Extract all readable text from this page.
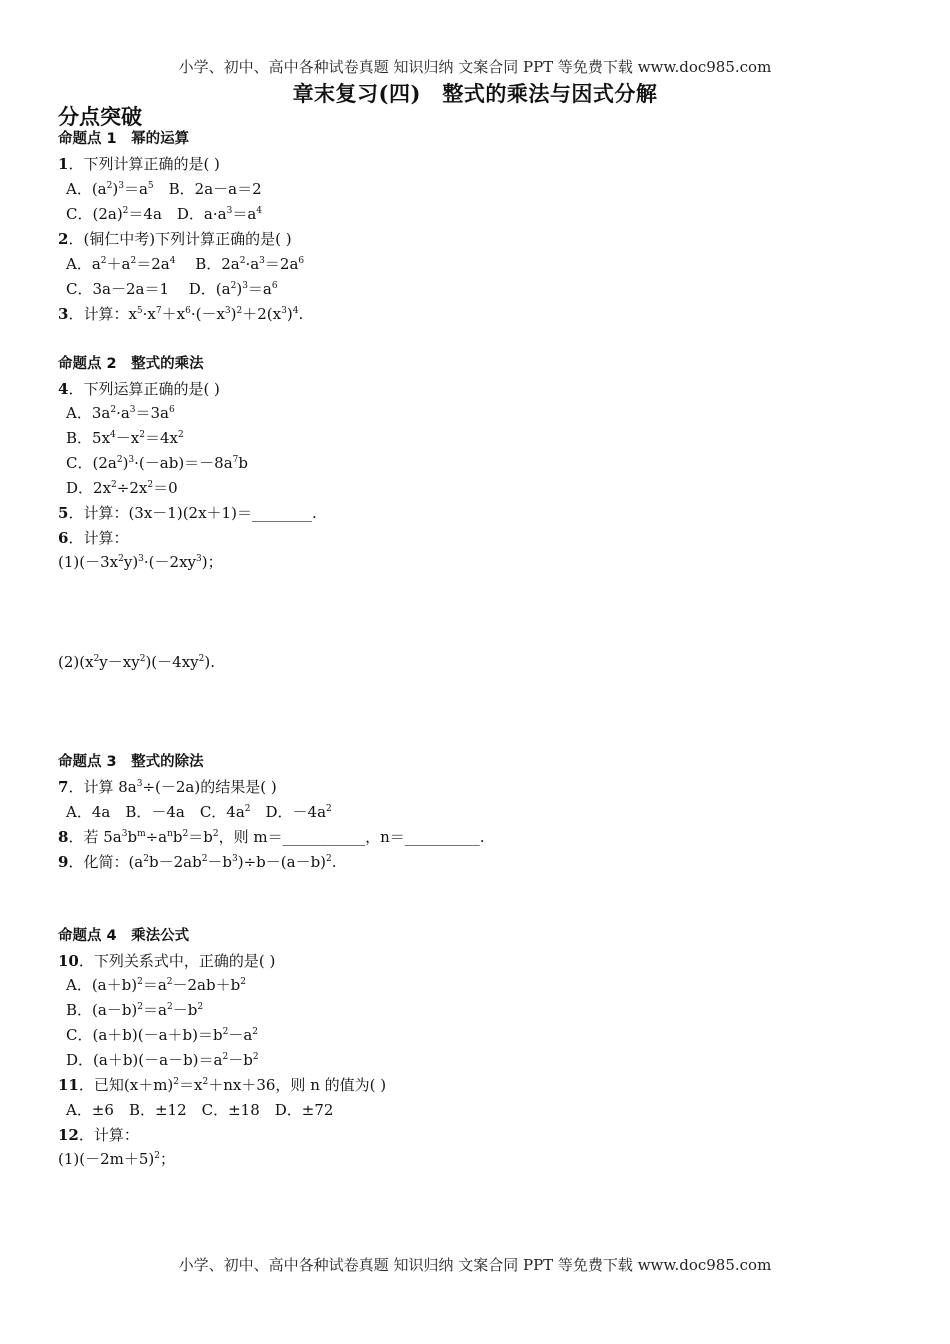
小学、初中、高中各种试卷真题 知识归纳 文案合同 PPT 等免费下载 www.doc985.com
章末复习(四)　整式的乘法与因式分解
分点突破
命题点 1　幂的运算
1．下列计算正确的是( )
A．$(a^2)^3=a^5$　B．2a－a＝2
C．$(2a)^2=4a$　D．$a\cdot a^3=a^4$
2．(铜仁中考)下列计算正确的是( )
A．$a^2+a^2=2a^4$　 B．$2a^2\cdot a^3=2a^6$
C．3a－2a＝1　 D．$(a^2)^3=a^6$
3．计算：$x^5\cdot x^7+x^6\cdot(-x^3)^2+2(x^3)^4$.
命题点 2　整式的乘法
4．下列运算正确的是( )
A．$3a^2\cdot a^3=3a^6$
B．$5x^4-x^2=4x^2$
C．$(2a^2)^3\cdot(-ab)=-8a^7b$
D．$2x^2\div 2x^2=0$
5．计算：(3x－1)(2x＋1)＝________.
6．计算：
$(1)(-3x^2y)^3\cdot(-2xy^3)$；
$(2)(x^2y-xy^2)(-4xy^2)$.
命题点 3　整式的除法
7．计算 $8a^3\div(-2a)$的结果是( )
A．4a　B．－4a　C．$4a^2$　D．$-4a^2$
8．若 $5a^3b^m\div a^nb^2=b^2$，则 m＝___________，n＝__________.
9．化简：$(a^2b-2ab^2-b^3)\div b-(a-b)^2$.
命题点 4　乘法公式
10．下列关系式中，正确的是( )
A．$(a+b)^2=a^2-2ab+b^2$
B．$(a-b)^2=a^2-b^2$
C．$(a+b)(-a+b)=b^2-a^2$
D．$(a+b)(-a-b)=a^2-b^2$
11．已知$(x+m)^2=x^2+nx+36$，则 n 的值为( )
A．±6　B．±12　C．±18　D．±72
12．计算：
$(1)(-2m+5)^2$；
小学、初中、高中各种试卷真题 知识归纳 文案合同 PPT 等免费下载 www.doc985.com
